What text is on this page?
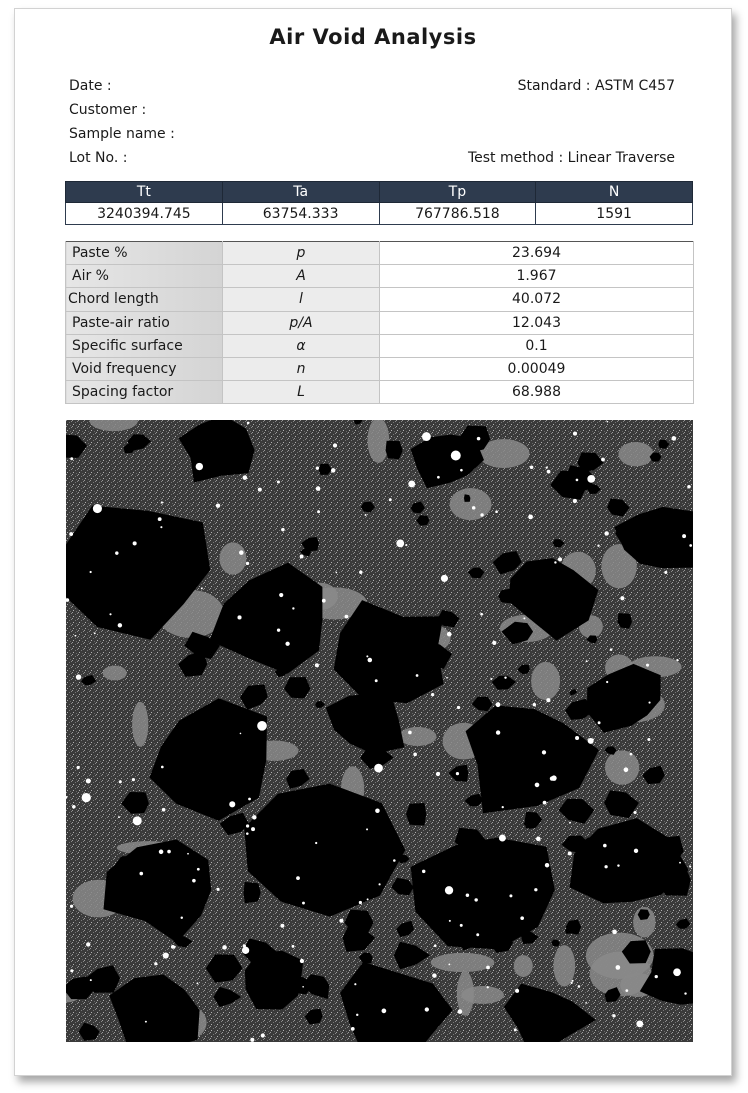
Air Void Analysis
Date :
Customer :
Sample name :
Lot No. :
Standard : ASTM C457
Test method : Linear Traverse
Tt	Ta	Tp	N
3240394.745	63754.333	767786.518	1591
Paste %	p	23.694
Air %	A	1.967
Chord length	l	40.072
Paste-air ratio	p/A	12.043
Specific surface	α	0.1
Void frequency	n	0.00049
Spacing factor	L	68.988
